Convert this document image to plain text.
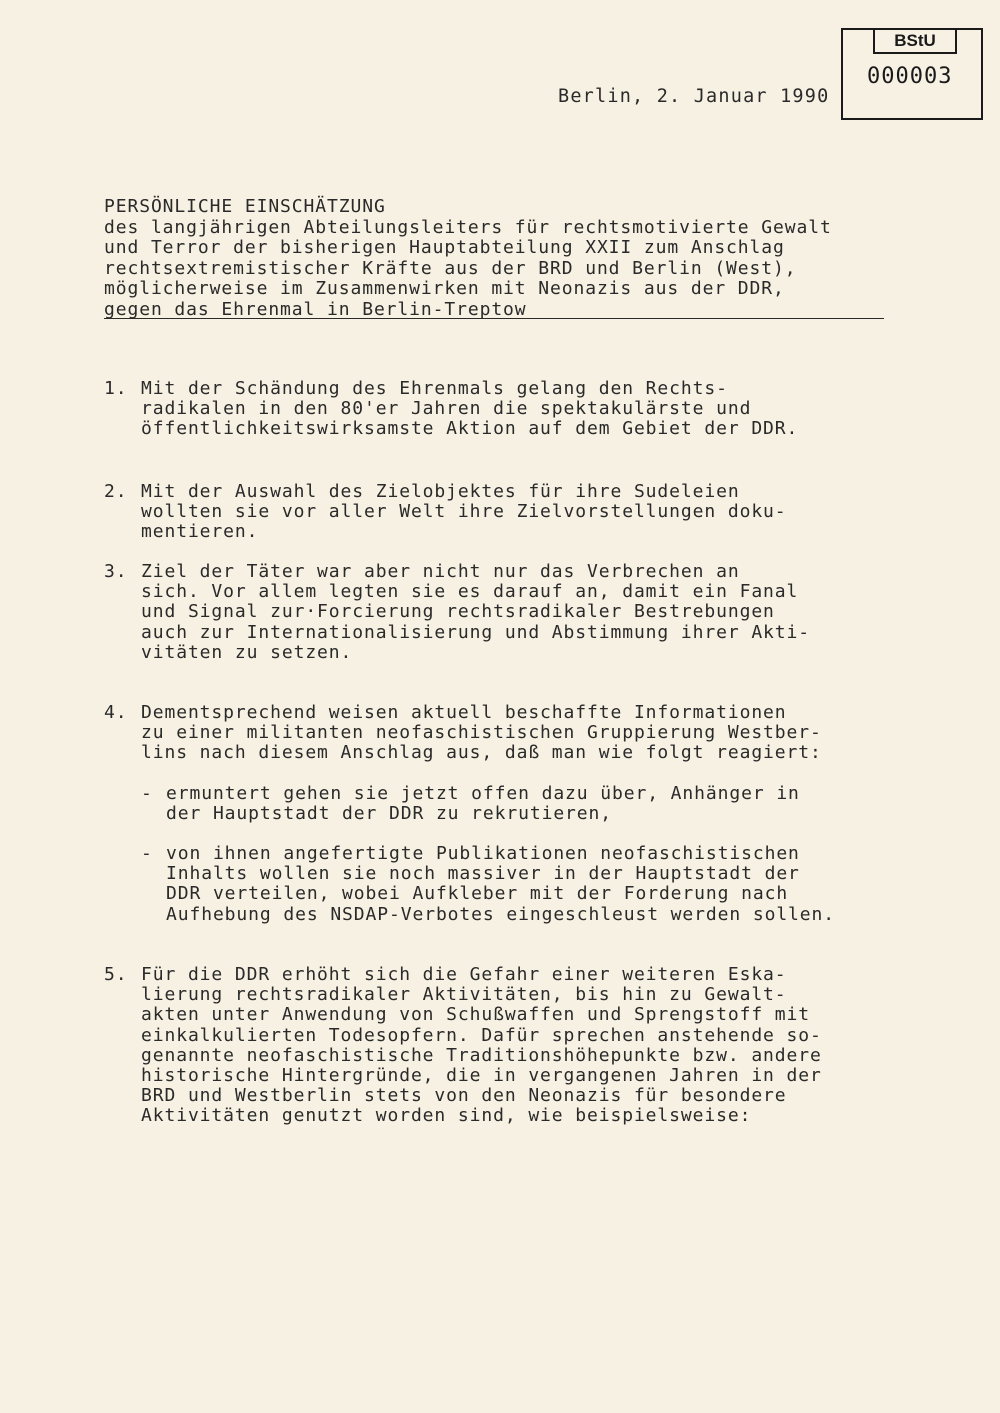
BStU
000003
Berlin, 2. Januar 1990
PERSÖNLICHE EINSCHÄTZUNG
des langjährigen Abteilungsleiters für rechtsmotivierte Gewalt
und Terror der bisherigen Hauptabteilung XXII zum Anschlag
rechtsextremistischer Kräfte aus der BRD und Berlin (West),
möglicherweise im Zusammenwirken mit Neonazis aus der DDR,
gegen das Ehrenmal in Berlin-Treptow
1. Mit der Schändung des Ehrenmals gelang den Rechts-
radikalen in den 80'er Jahren die spektakulärste und
öffentlichkeitswirksamste Aktion auf dem Gebiet der DDR.
2. Mit der Auswahl des Zielobjektes für ihre Sudeleien
wollten sie vor aller Welt ihre Zielvorstellungen doku-
mentieren.
3. Ziel der Täter war aber nicht nur das Verbrechen an
sich. Vor allem legten sie es darauf an, damit ein Fanal
und Signal zur·Forcierung rechtsradikaler Bestrebungen
auch zur Internationalisierung und Abstimmung ihrer Akti-
vitäten zu setzen.
4. Dementsprechend weisen aktuell beschaffte Informationen
zu einer militanten neofaschistischen Gruppierung Westber-
lins nach diesem Anschlag aus, daß man wie folgt reagiert:
- ermuntert gehen sie jetzt offen dazu über, Anhänger in
der Hauptstadt der DDR zu rekrutieren,
- von ihnen angefertigte Publikationen neofaschistischen
Inhalts wollen sie noch massiver in der Hauptstadt der
DDR verteilen, wobei Aufkleber mit der Forderung nach
Aufhebung des NSDAP-Verbotes eingeschleust werden sollen.
5. Für die DDR erhöht sich die Gefahr einer weiteren Eska-
lierung rechtsradikaler Aktivitäten, bis hin zu Gewalt-
akten unter Anwendung von Schußwaffen und Sprengstoff mit
einkalkulierten Todesopfern. Dafür sprechen anstehende so-
genannte neofaschistische Traditionshöhepunkte bzw. andere
historische Hintergründe, die in vergangenen Jahren in der
BRD und Westberlin stets von den Neonazis für besondere
Aktivitäten genutzt worden sind, wie beispielsweise:
